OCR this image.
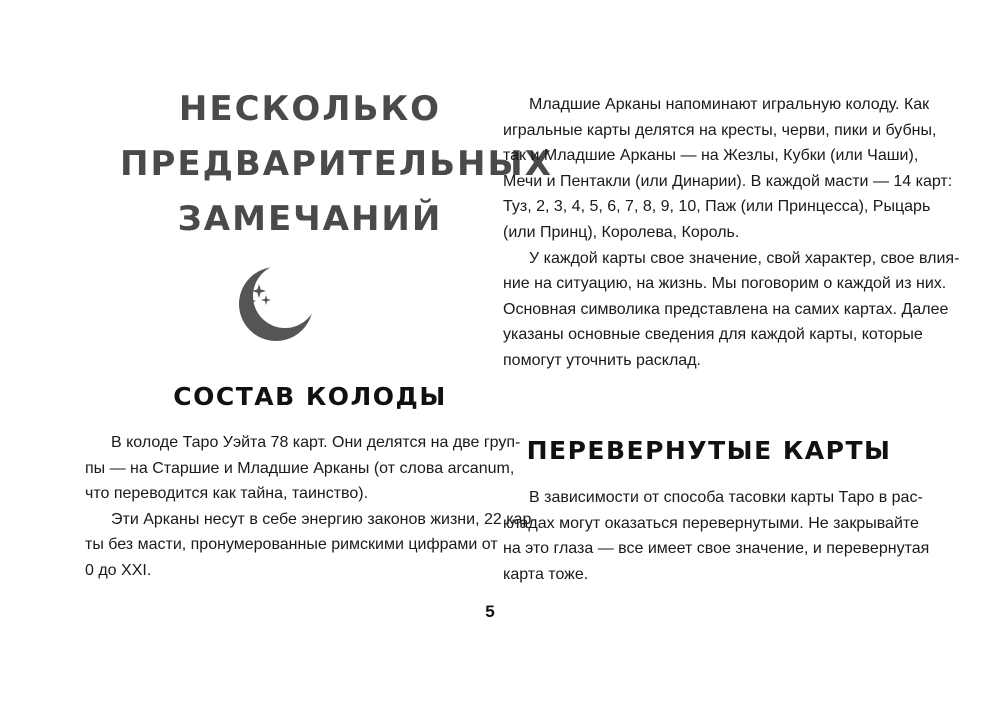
НЕСКОЛЬКО
ПРЕДВАРИТЕЛЬНЫХ
ЗАМЕЧАНИЙ
СОСТАВ КОЛОДЫ

В колоде Таро Уэйта 78 карт. Они делятся на две груп-
пы — на Старшие и Младшие Арканы (от слова arcanum,
что переводится как тайна, таинство).

Эти Арканы несут в себе энергию законов жизни, 22 кар-
ты без масти, пронумерованные римскими цифрами от
0 до XXI.

Младшие Арканы напоминают игральную колоду. Как
игральные карты делятся на кресты, черви, пики и бубны,
так и Младшие Арканы — на Жезлы, Кубки (или Чаши),
Мечи и Пентакли (или Динарии). В каждой масти — 14 карт:
Туз, 2, 3, 4, 5, 6, 7, 8, 9, 10, Паж (или Принцесса), Рыцарь
(или Принц), Королева, Король.

У каждой карты свое значение, свой характер, свое влия-
ние на ситуацию, на жизнь. Мы поговорим о каждой из них.
Основная символика представлена на самих картах. Далее
указаны основные сведения для каждой карты, которые
помогут уточнить расклад.

ПЕРЕВЕРНУТЫЕ КАРТЫ

В зависимости от способа тасовки карты Таро в рас-
кладах могут оказаться перевернутыми. Не закрывайте
на это глаза — все имеет свое значение, и перевернутая
карта тоже.

5
